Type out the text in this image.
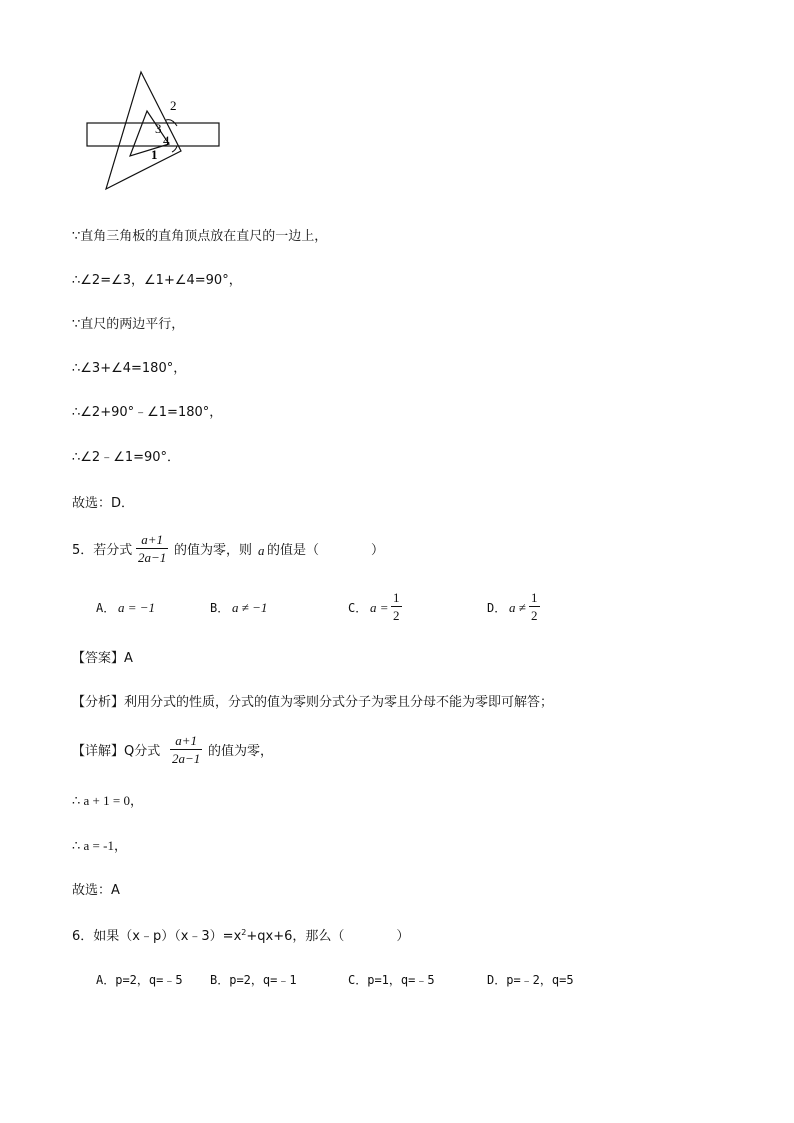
2
3
4
1
∵直角三角板的直角顶点放在直尺的一边上，
∴∠2=∠3，∠1+∠4=90°，
∵直尺的两边平行，
∴∠3+∠4=180°，
∴∠2+90°﹣∠1=180°，
∴∠2﹣∠1=90°．
故选：D．
5．若分式
a+1
2a−1 的值为零，则 a 的值是（　　　　）
A． a = −1	B． a ≠ −1	C． a =
1
2	D． a ≠
1
2
【答案】A
【分析】利用分式的性质，分式的值为零则分式分子为零且分母不能为零即可解答；
【详解】Q分式
a+1
2a−1 的值为零，
∴ a + 1 = 0，
∴ a = -1，
故选：A
6．如果$(x﹣p)(x﹣3)=x^2+qx+6$，那么（　　　　）
A．p=2，q=﹣5 B．p=2，q=﹣1	C．p=1，q=﹣5	D．p=﹣2，q=5
